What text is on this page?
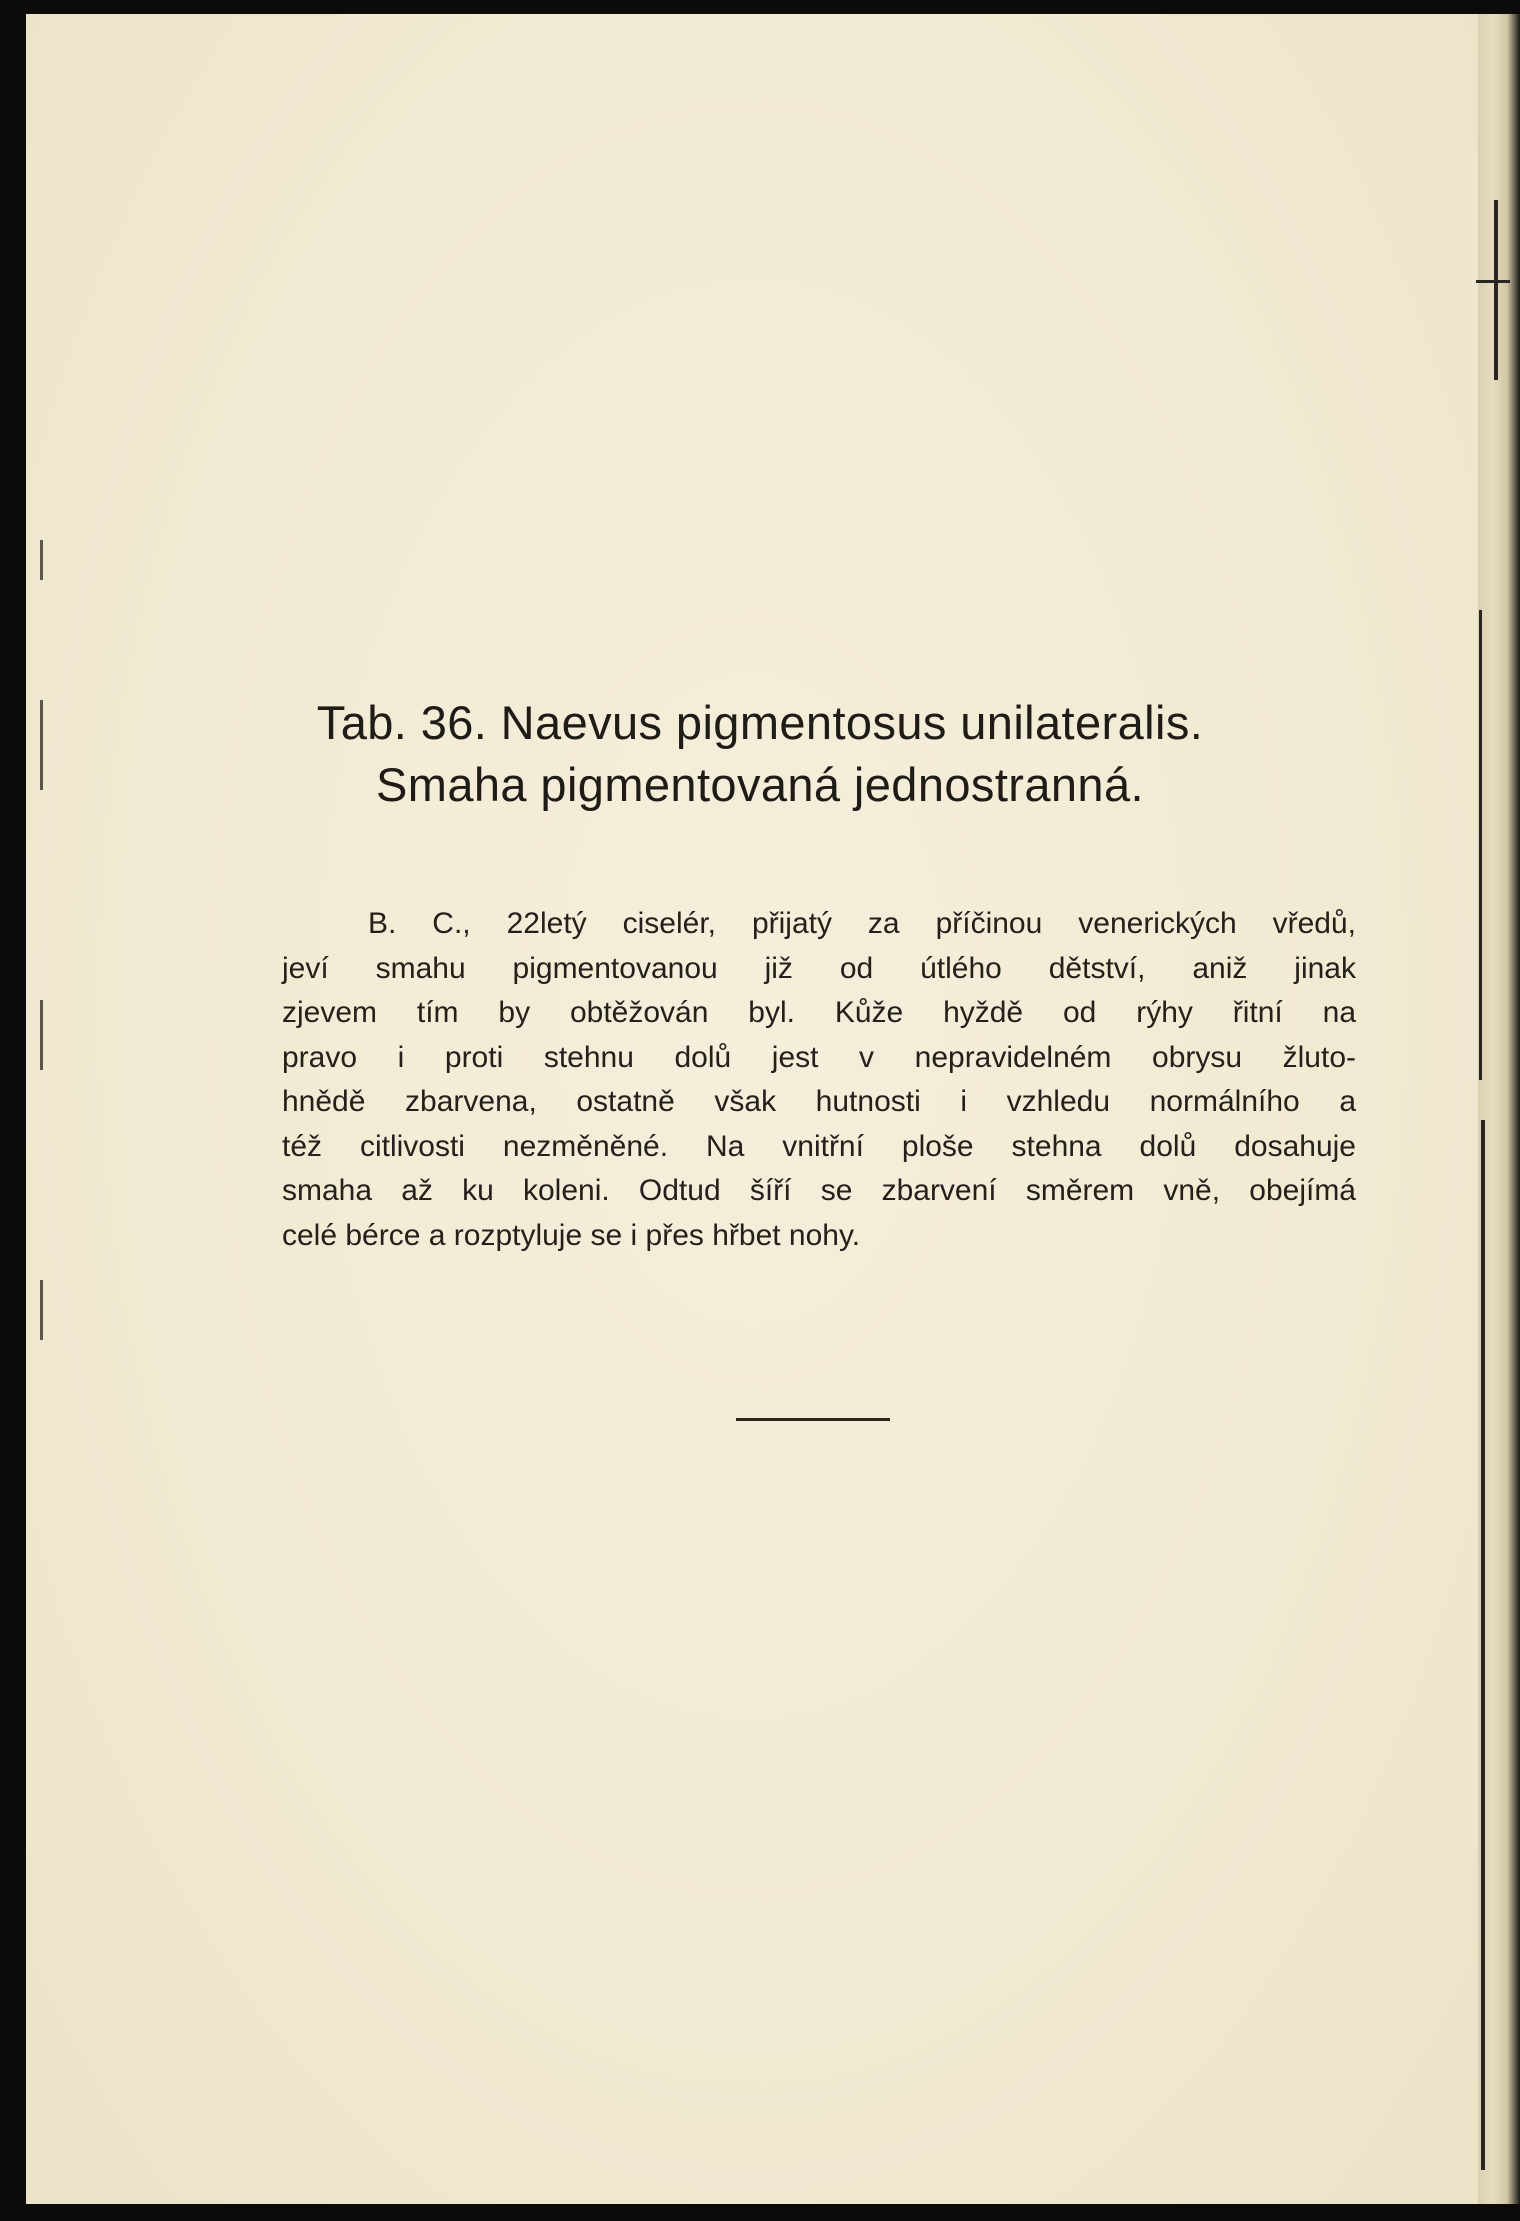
Tab. 36. Naevus pigmentosus unilateralis.
Smaha pigmentovaná jednostranná.
B. C., 22letý ciselér, přijatý za příčinou venerických vředů,
jeví smahu pigmentovanou již od útlého dětství, aniž jinak
zjevem tím by obtěžován byl. Kůže hyždě od rýhy řitní na
pravo i proti stehnu dolů jest v nepravidelném obrysu žluto-
hnědě zbarvena, ostatně však hutnosti i vzhledu normálního a
též citlivosti nezměněné. Na vnitřní ploše stehna dolů dosahuje
smaha až ku koleni. Odtud šíří se zbarvení směrem vně, obejímá
celé bérce a rozptyluje se i přes hřbet nohy.
